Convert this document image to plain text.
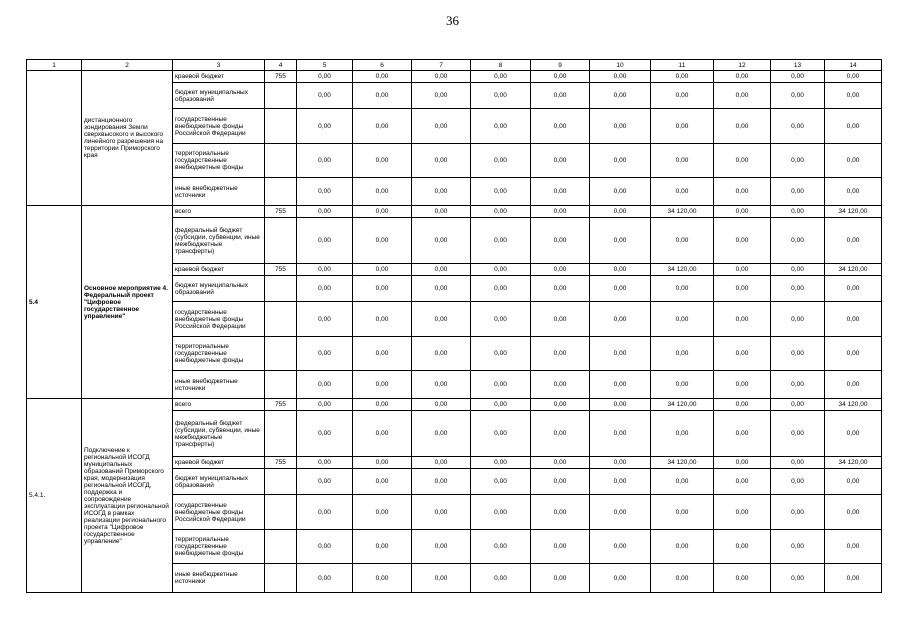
36
1	2	3	4	5	6	7	8	9	10	11	12	13	14
	дистанционного зондирования Земли сверхвысокого и высокого линейного разрешения на территории Приморского края	краевой бюджет	755	0,00	0,00	0,00	0,00	0,00	0,00	0,00	0,00	0,00	0,00
		бюджет муниципальных образований		0,00	0,00	0,00	0,00	0,00	0,00	0,00	0,00	0,00	0,00
		государственные внебюджетные фонды Российской Федерации		0,00	0,00	0,00	0,00	0,00	0,00	0,00	0,00	0,00	0,00
		территориальные государственные внебюджетные фонды		0,00	0,00	0,00	0,00	0,00	0,00	0,00	0,00	0,00	0,00
		иные внебюджетные источники		0,00	0,00	0,00	0,00	0,00	0,00	0,00	0,00	0,00	0,00
5.4	Основное мероприятие 4. Федеральный проект "Цифровое государственное управление"	всего	755	0,00	0,00	0,00	0,00	0,00	0,00	34 120,00	0,00	0,00	34 120,00
		федеральный бюджет (субсидии, субвенции, иные межбюджетные трансферты)		0,00	0,00	0,00	0,00	0,00	0,00	0,00	0,00	0,00	0,00
		краевой бюджет	755	0,00	0,00	0,00	0,00	0,00	0,00	34 120,00	0,00	0,00	34 120,00
		бюджет муниципальных образований		0,00	0,00	0,00	0,00	0,00	0,00	0,00	0,00	0,00	0,00
		государственные внебюджетные фонды Российской Федерации		0,00	0,00	0,00	0,00	0,00	0,00	0,00	0,00	0,00	0,00
		территориальные государственные внебюджетные фонды		0,00	0,00	0,00	0,00	0,00	0,00	0,00	0,00	0,00	0,00
		иные внебюджетные источники		0,00	0,00	0,00	0,00	0,00	0,00	0,00	0,00	0,00	0,00
5.4.1.	Подключение к региональной ИСОГД муниципальных образований Приморского края, модернизация региональной ИСОГД, поддержка и сопровождение эксплуатации региональной ИСОГД в рамках реализации регионального проекта "Цифровое государственное управление"	всего	755	0,00	0,00	0,00	0,00	0,00	0,00	34 120,00	0,00	0,00	34 120,00
		федеральный бюджет (субсидии, субвенции, иные межбюджетные трансферты)		0,00	0,00	0,00	0,00	0,00	0,00	0,00	0,00	0,00	0,00
		краевой бюджет	755	0,00	0,00	0,00	0,00	0,00	0,00	34 120,00	0,00	0,00	34 120,00
		бюджет муниципальных образований		0,00	0,00	0,00	0,00	0,00	0,00	0,00	0,00	0,00	0,00
		государственные внебюджетные фонды Российской Федерации		0,00	0,00	0,00	0,00	0,00	0,00	0,00	0,00	0,00	0,00
		территориальные государственные внебюджетные фонды		0,00	0,00	0,00	0,00	0,00	0,00	0,00	0,00	0,00	0,00
		иные внебюджетные источники		0,00	0,00	0,00	0,00	0,00	0,00	0,00	0,00	0,00	0,00
